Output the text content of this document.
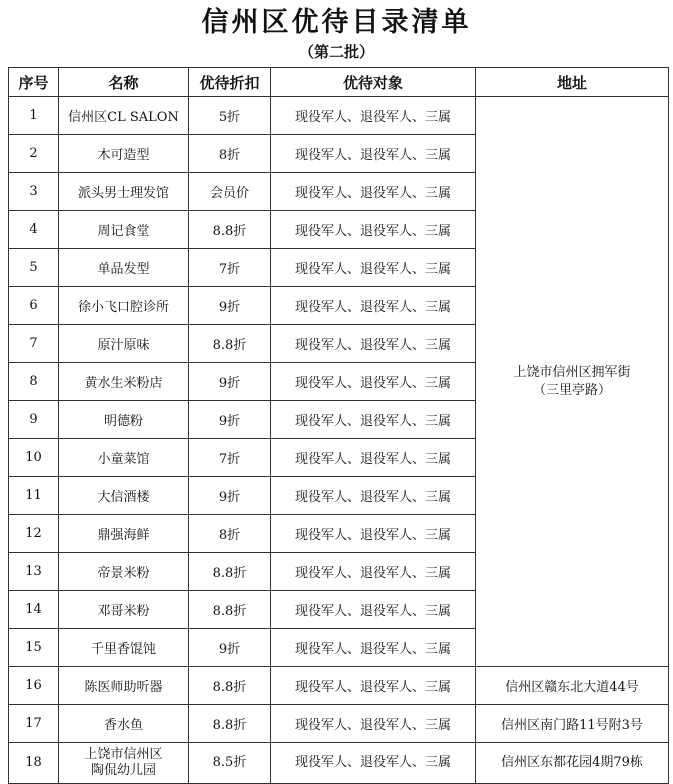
信州区优待目录清单
（第二批）
序号	名称	优待折扣	优待对象	地址
1	信州区CL SALON	5折	现役军人、退役军人、三属	上饶市信州区拥军街
（三里亭路）

2	木可造型	8折	现役军人、退役军人、三属	
3	派头男士理发馆	会员价	现役军人、退役军人、三属	
4	周记食堂	8.8折	现役军人、退役军人、三属	
5	单品发型	7折	现役军人、退役军人、三属	
6	徐小飞口腔诊所	9折	现役军人、退役军人、三属	
7	原汁原味	8.8折	现役军人、退役军人、三属	
8	黄水生米粉店	9折	现役军人、退役军人、三属	
9	明德粉	9折	现役军人、退役军人、三属	
10	小童菜馆	7折	现役军人、退役军人、三属	
11	大信酒楼	9折	现役军人、退役军人、三属	
12	鼎强海鲜	8折	现役军人、退役军人、三属	
13	帝景米粉	8.8折	现役军人、退役军人、三属	
14	邓哥米粉	8.8折	现役军人、退役军人、三属	
15	千里香馄饨	9折	现役军人、退役军人、三属	
16	陈医师助听器	8.8折	现役军人、退役军人、三属	信州区赣东北大道44号
17	香水鱼	8.8折	现役军人、退役军人、三属	信州区南门路11号附3号
18	上饶市信州区
陶侃幼儿园	8.5折	现役军人、退役军人、三属	信州区东都花园4期79栋
